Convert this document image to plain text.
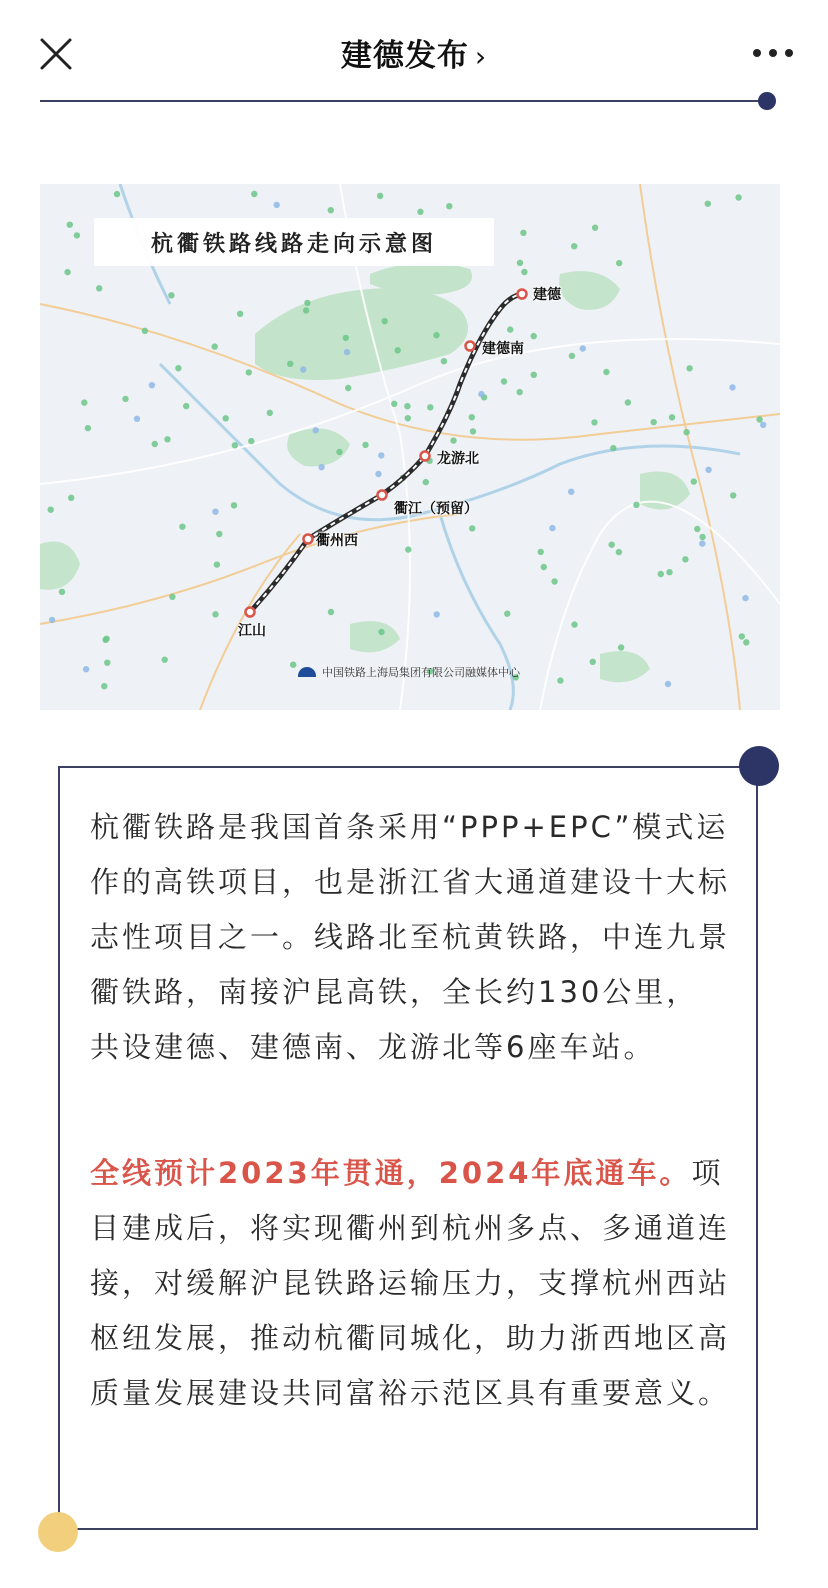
建德发布 ›
杭衢铁路线路走向示意图
建德
建德南
龙游北
衢江（预留）
衢州西
江山
中国铁路上海局集团有限公司融媒体中心

杭衢铁路是我国首条采用“PPP+EPC”模式运作的高铁项目，也是浙江省大通道建设十大标志性项目之一。线路北至杭黄铁路，中连九景衢铁路，南接沪昆高铁，全长约130公里，共设建德、建德南、龙游北等6座车站。

全线预计2023年贯通，2024年底通车。项目建成后，将实现衢州到杭州多点、多通道连接，对缓解沪昆铁路运输压力，支撑杭州西站枢纽发展，推动杭衢同城化，助力浙西地区高质量发展建设共同富裕示范区具有重要意义。
